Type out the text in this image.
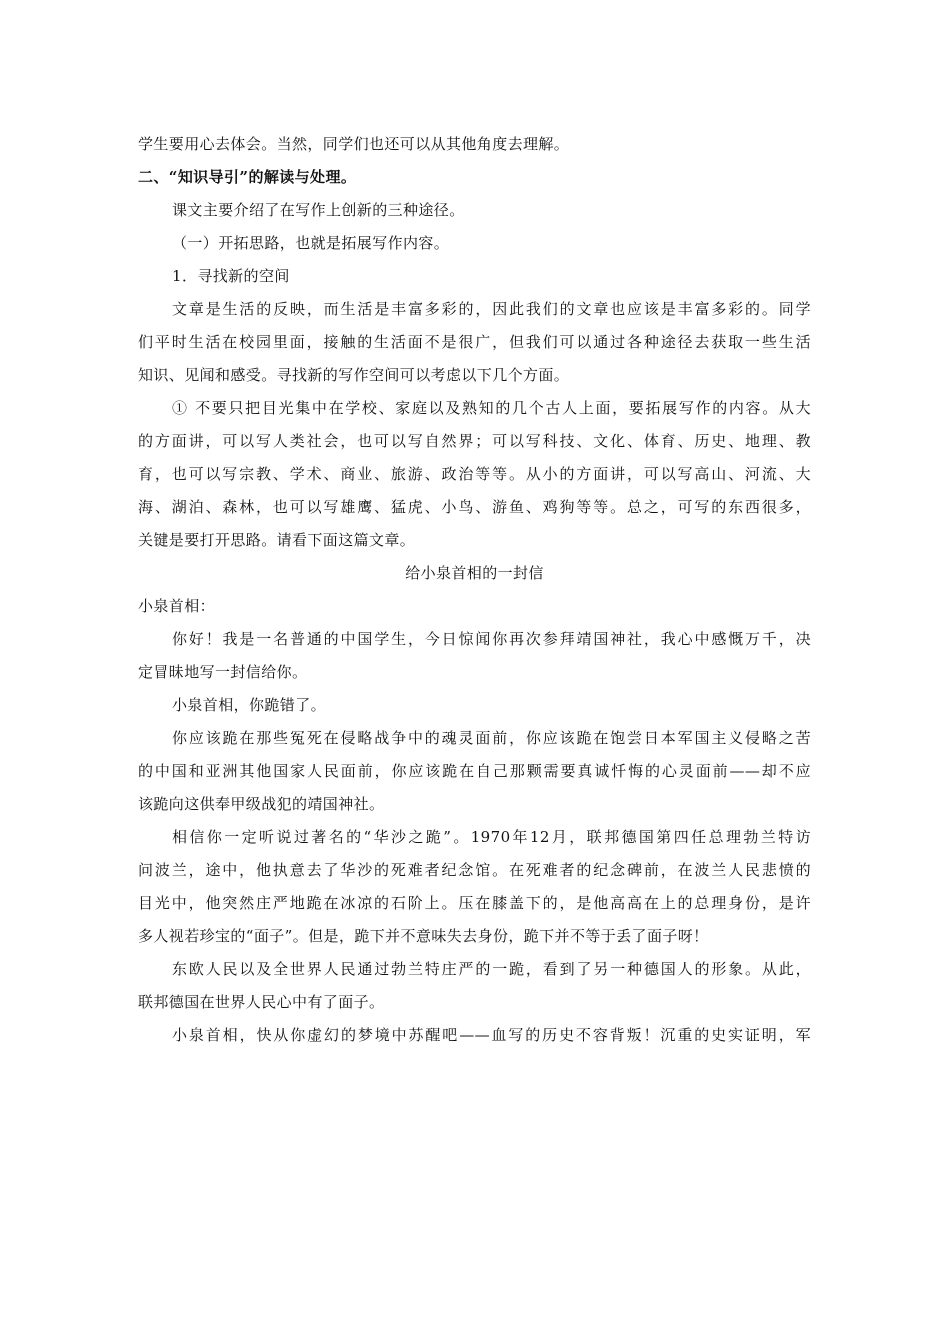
学生要用心去体会。当然，同学们也还可以从其他角度去理解。
二、“知识导引”的解读与处理。
课文主要介绍了在写作上创新的三种途径。
（一）开拓思路，也就是拓展写作内容。
1．寻找新的空间
文章是生活的反映，而生活是丰富多彩的，因此我们的文章也应该是丰富多彩的。同学
们平时生活在校园里面，接触的生活面不是很广，但我们可以通过各种途径去获取一些生活
知识、见闻和感受。寻找新的写作空间可以考虑以下几个方面。
① 不要只把目光集中在学校、家庭以及熟知的几个古人上面，要拓展写作的内容。从大
的方面讲，可以写人类社会，也可以写自然界；可以写科技、文化、体育、历史、地理、教
育，也可以写宗教、学术、商业、旅游、政治等等。从小的方面讲，可以写高山、河流、大
海、湖泊、森林，也可以写雄鹰、猛虎、小鸟、游鱼、鸡狗等等。总之，可写的东西很多，
关键是要打开思路。请看下面这篇文章。
给小泉首相的一封信
小泉首相：
你好！我是一名普通的中国学生，今日惊闻你再次参拜靖国神社，我心中感慨万千，决
定冒昧地写一封信给你。
小泉首相，你跪错了。
你应该跪在那些冤死在侵略战争中的魂灵面前，你应该跪在饱尝日本军国主义侵略之苦
的中国和亚洲其他国家人民面前，你应该跪在自己那颗需要真诚忏悔的心灵面前——却不应
该跪向这供奉甲级战犯的靖国神社。
相信你一定听说过著名的“华沙之跪”。1970年12月，联邦德国第四任总理勃兰特访
问波兰，途中，他执意去了华沙的死难者纪念馆。在死难者的纪念碑前，在波兰人民悲愤的
目光中，他突然庄严地跪在冰凉的石阶上。压在膝盖下的，是他高高在上的总理身份，是许
多人视若珍宝的“面子”。但是，跪下并不意味失去身份，跪下并不等于丢了面子呀！
东欧人民以及全世界人民通过勃兰特庄严的一跪，看到了另一种德国人的形象。从此，
联邦德国在世界人民心中有了面子。
小泉首相，快从你虚幻的梦境中苏醒吧——血写的历史不容背叛！沉重的史实证明，军
